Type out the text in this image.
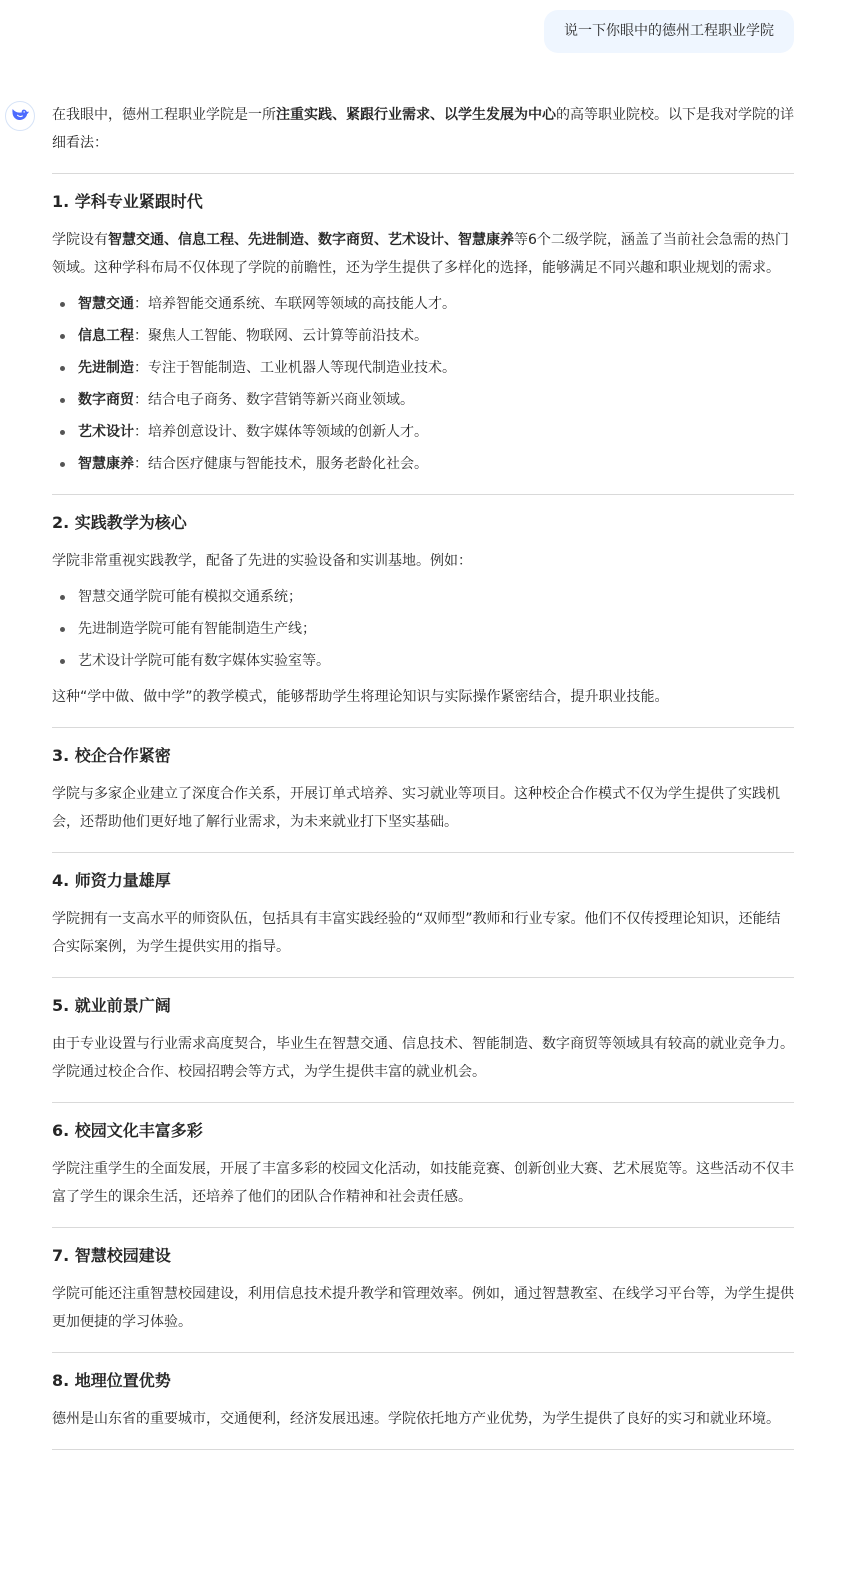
说一下你眼中的德州工程职业学院

在我眼中，德州工程职业学院是一所注重实践、紧跟行业需求、以学生发展为中心的高等职业院校。以下是我对学院的详细看法：

1. 学科专业紧跟时代

学院设有智慧交通、信息工程、先进制造、数字商贸、艺术设计、智慧康养等6个二级学院，涵盖了当前社会急需的热门领域。这种学科布局不仅体现了学院的前瞻性，还为学生提供了多样化的选择，能够满足不同兴趣和职业规划的需求。

智慧交通：培养智能交通系统、车联网等领域的高技能人才。
信息工程：聚焦人工智能、物联网、云计算等前沿技术。
先进制造：专注于智能制造、工业机器人等现代制造业技术。
数字商贸：结合电子商务、数字营销等新兴商业领域。
艺术设计：培养创意设计、数字媒体等领域的创新人才。
智慧康养：结合医疗健康与智能技术，服务老龄化社会。
2. 实践教学为核心

学院非常重视实践教学，配备了先进的实验设备和实训基地。例如：

智慧交通学院可能有模拟交通系统；
先进制造学院可能有智能制造生产线；
艺术设计学院可能有数字媒体实验室等。

这种“学中做、做中学”的教学模式，能够帮助学生将理论知识与实际操作紧密结合，提升职业技能。

3. 校企合作紧密

学院与多家企业建立了深度合作关系，开展订单式培养、实习就业等项目。这种校企合作模式不仅为学生提供了实践机会，还帮助他们更好地了解行业需求，为未来就业打下坚实基础。

4. 师资力量雄厚

学院拥有一支高水平的师资队伍，包括具有丰富实践经验的“双师型”教师和行业专家。他们不仅传授理论知识，还能结合实际案例，为学生提供实用的指导。

5. 就业前景广阔

由于专业设置与行业需求高度契合，毕业生在智慧交通、信息技术、智能制造、数字商贸等领域具有较高的就业竞争力。学院通过校企合作、校园招聘会等方式，为学生提供丰富的就业机会。

6. 校园文化丰富多彩

学院注重学生的全面发展，开展了丰富多彩的校园文化活动，如技能竞赛、创新创业大赛、艺术展览等。这些活动不仅丰富了学生的课余生活，还培养了他们的团队合作精神和社会责任感。

7. 智慧校园建设

学院可能还注重智慧校园建设，利用信息技术提升教学和管理效率。例如，通过智慧教室、在线学习平台等，为学生提供更加便捷的学习体验。

8. 地理位置优势

德州是山东省的重要城市，交通便利，经济发展迅速。学院依托地方产业优势，为学生提供了良好的实习和就业环境。
